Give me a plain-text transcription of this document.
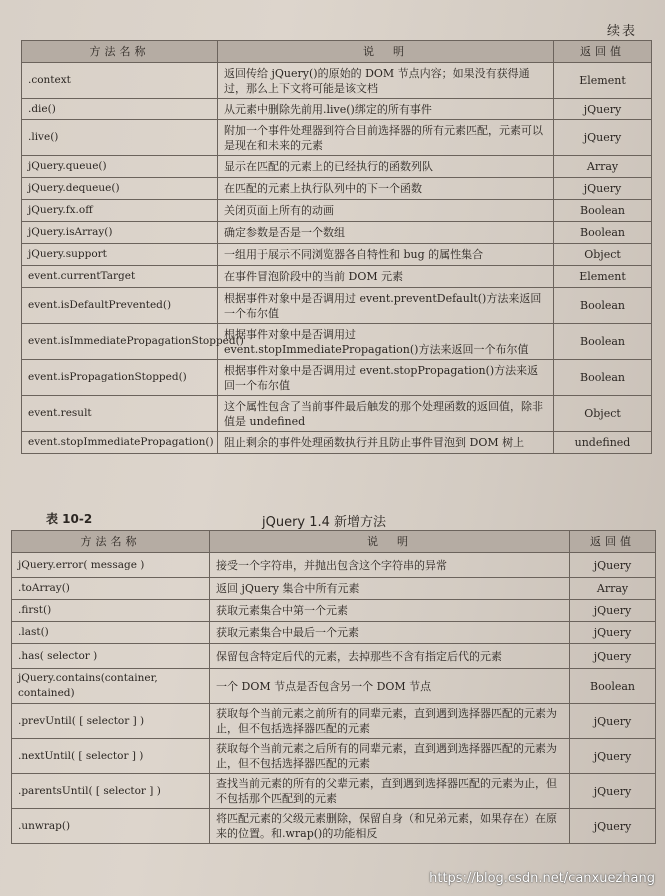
续表
方法名称	说　明	返回值
.context	返回传给 jQuery()的原始的 DOM 节点内容；如果没有获得通过，那么上下文将可能是该文档	Element
.die()	从元素中删除先前用.live()绑定的所有事件	jQuery
.live()	附加一个事件处理器到符合目前选择器的所有元素匹配，元素可以是现在和未来的元素	jQuery
jQuery.queue()	显示在匹配的元素上的已经执行的函数列队	Array
jQuery.dequeue()	在匹配的元素上执行队列中的下一个函数	jQuery
jQuery.fx.off	关闭页面上所有的动画	Boolean
jQuery.isArray()	确定参数是否是一个数组	Boolean
jQuery.support	一组用于展示不同浏览器各自特性和 bug 的属性集合	Object
event.currentTarget	在事件冒泡阶段中的当前 DOM 元素	Element
event.isDefaultPrevented()	根据事件对象中是否调用过 event.preventDefault()方法来返回一个布尔值	Boolean
event.isImmediatePropagationStopped()	根据事件对象中是否调用过 event.stopImmediatePropagation()方法来返回一个布尔值	Boolean
event.isPropagationStopped()	根据事件对象中是否调用过 event.stopPropagation()方法来返回一个布尔值	Boolean
event.result	这个属性包含了当前事件最后触发的那个处理函数的返回值，除非值是 undefined	Object
event.stopImmediatePropagation()	阻止剩余的事件处理函数执行并且防止事件冒泡到 DOM 树上	undefined
表 10-2	jQuery 1.4 新增方法
方法名称	说　明	返回值
jQuery.error( message )	接受一个字符串，并抛出包含这个字符串的异常	jQuery
.toArray()	返回 jQuery 集合中所有元素	Array
.first()	获取元素集合中第一个元素	jQuery
.last()	获取元素集合中最后一个元素	jQuery
.has( selector )	保留包含特定后代的元素，去掉那些不含有指定后代的元素	jQuery
jQuery.contains(container, contained)	一个 DOM 节点是否包含另一个 DOM 节点	Boolean
.prevUntil( [ selector ] )	获取每个当前元素之前所有的同辈元素，直到遇到选择器匹配的元素为止，但不包括选择器匹配的元素	jQuery
.nextUntil( [ selector ] )	获取每个当前元素之后所有的同辈元素，直到遇到选择器匹配的元素为止，但不包括选择器匹配的元素	jQuery
.parentsUntil( [ selector ] )	查找当前元素的所有的父辈元素，直到遇到选择器匹配的元素为止，但不包括那个匹配到的元素	jQuery
.unwrap()	将匹配元素的父级元素删除，保留自身（和兄弟元素，如果存在）在原来的位置。和.wrap()的功能相反	jQuery
https://blog.csdn.net/canxuezhang
